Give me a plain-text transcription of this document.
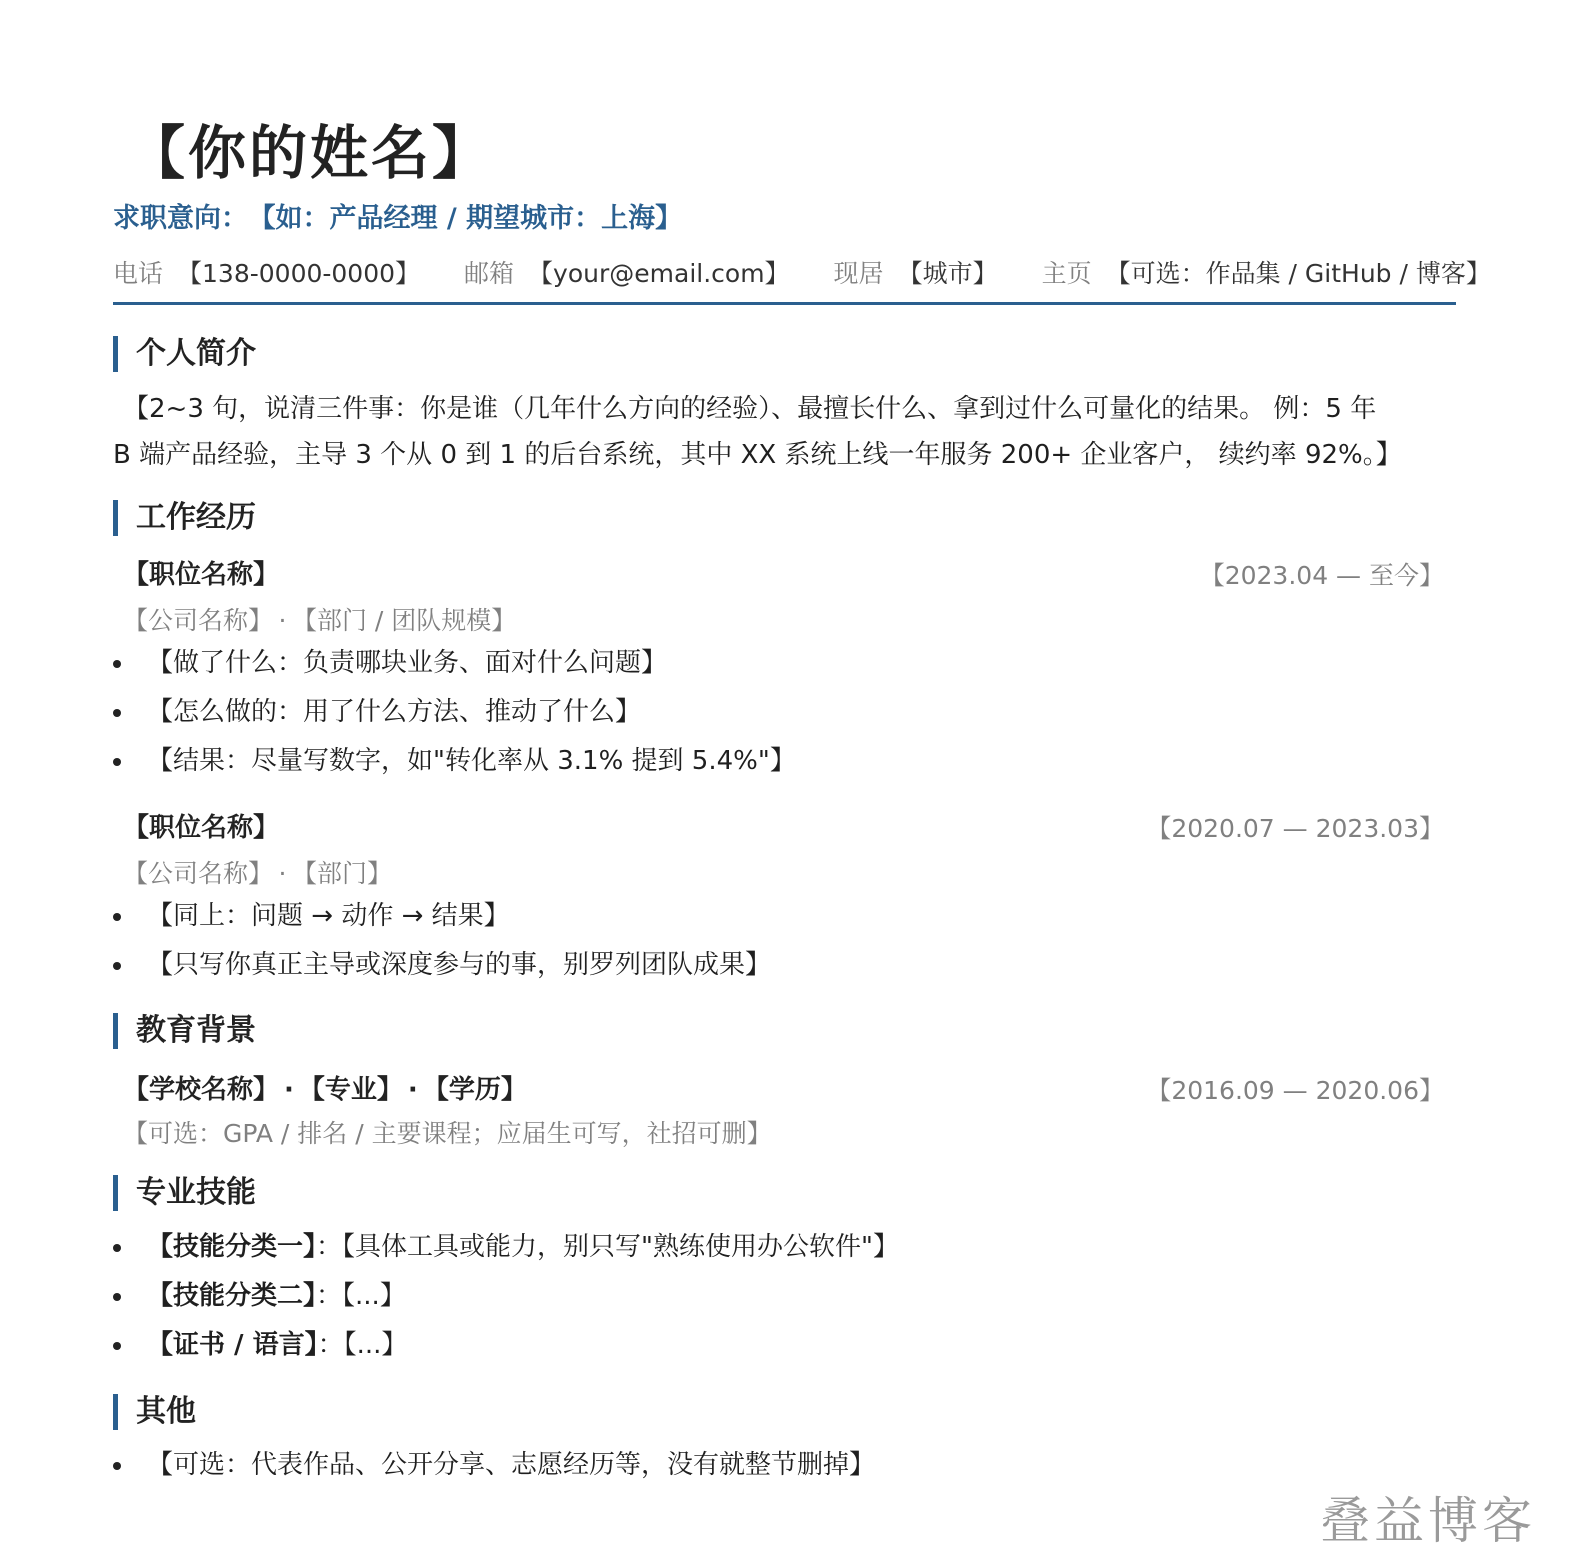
【你的姓名】
求职意向： 【如：产品经理 / 期望城市：上海】
电话 【138-0000-0000】 邮箱 【your@email.com】 现居 【城市】 主页 【可选：作品集 / GitHub / 博客】
个人简介
【2~3 句，说清三件事：你是谁（几年什么方向的经验）、最擅长什么、拿到过什么可量化的结果。 例：5 年
B 端产品经验，主导 3 个从 0 到 1 的后台系统，其中 XX 系统上线一年服务 200+ 企业客户， 续约率 92%。】
工作经历
【职位名称】	【2023.04 — 至今】
【公司名称】 · 【部门 / 团队规模】
【做了什么：负责哪块业务、面对什么问题】
【怎么做的：用了什么方法、推动了什么】
【结果：尽量写数字，如"转化率从 3.1% 提到 5.4%"】
【职位名称】	【2020.07 — 2023.03】
【公司名称】 · 【部门】
【同上：问题 → 动作 → 结果】
【只写你真正主导或深度参与的事，别罗列团队成果】
教育背景
【学校名称】 · 【专业】 · 【学历】	【2016.09 — 2020.06】
【可选：GPA / 排名 / 主要课程；应届生可写，社招可删】
专业技能
【技能分类一】：【具体工具或能力，别只写"熟练使用办公软件"】
【技能分类二】：【...】
【证书 / 语言】：【...】
其他
【可选：代表作品、公开分享、志愿经历等，没有就整节删掉】
叠益博客
